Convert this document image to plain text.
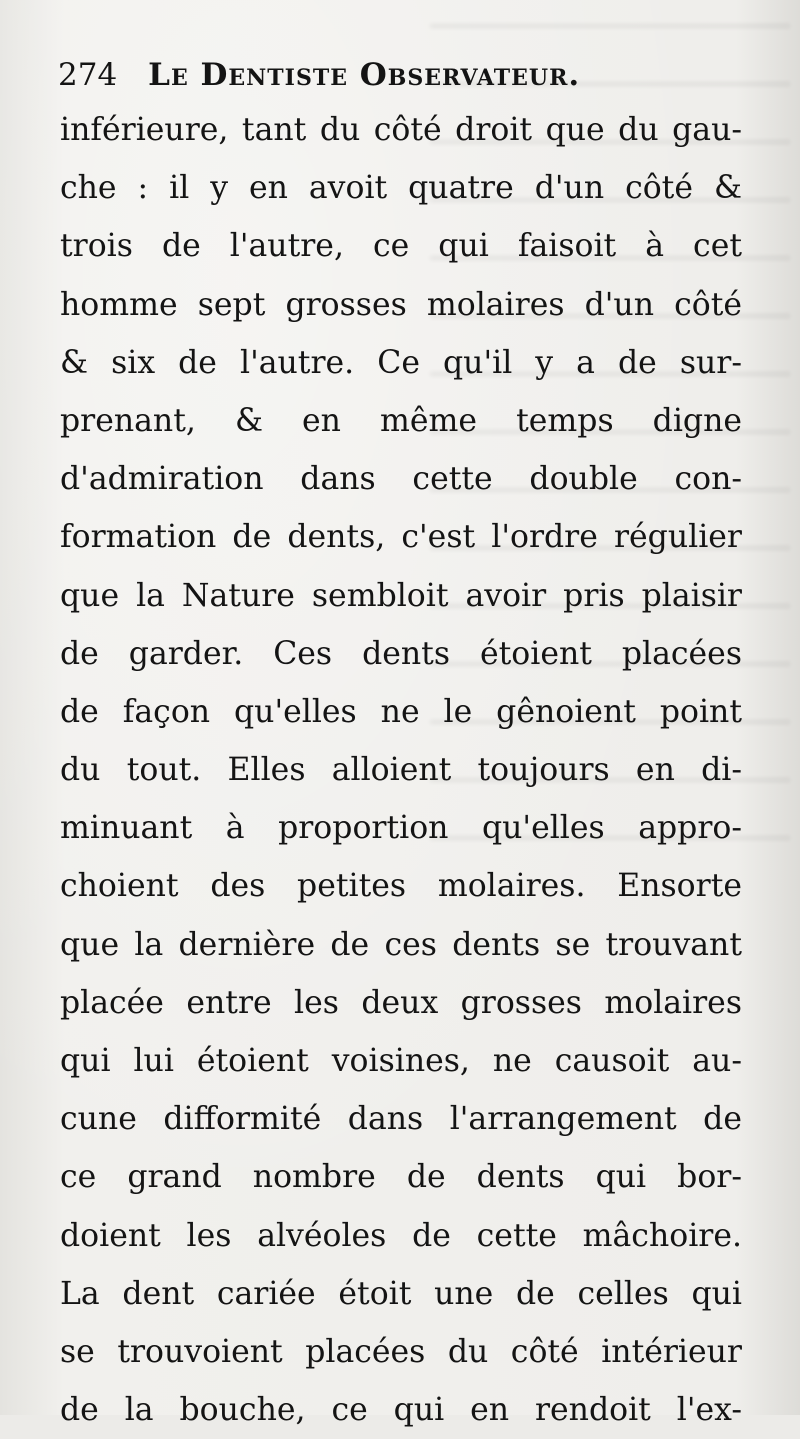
274 Le Dentiste Observateur.
inférieure, tant du côté droit que du gau-
che : il y en avoit quatre d'un côté &
trois de l'autre, ce qui faisoit à cet
homme sept grosses molaires d'un côté
& six de l'autre. Ce qu'il y a de sur-
prenant, & en même temps digne
d'admiration dans cette double con-
formation de dents, c'est l'ordre régulier
que la Nature sembloit avoir pris plaisir
de garder. Ces dents étoient placées
de façon qu'elles ne le gênoient point
du tout. Elles alloient toujours en di-
minuant à proportion qu'elles appro-
choient des petites molaires. Ensorte
que la dernière de ces dents se trouvant
placée entre les deux grosses molaires
qui lui étoient voisines, ne causoit au-
cune difformité dans l'arrangement de
ce grand nombre de dents qui bor-
doient les alvéoles de cette mâchoire.
La dent cariée étoit une de celles qui
se trouvoient placées du côté intérieur
de la bouche, ce qui en rendoit l'ex-
